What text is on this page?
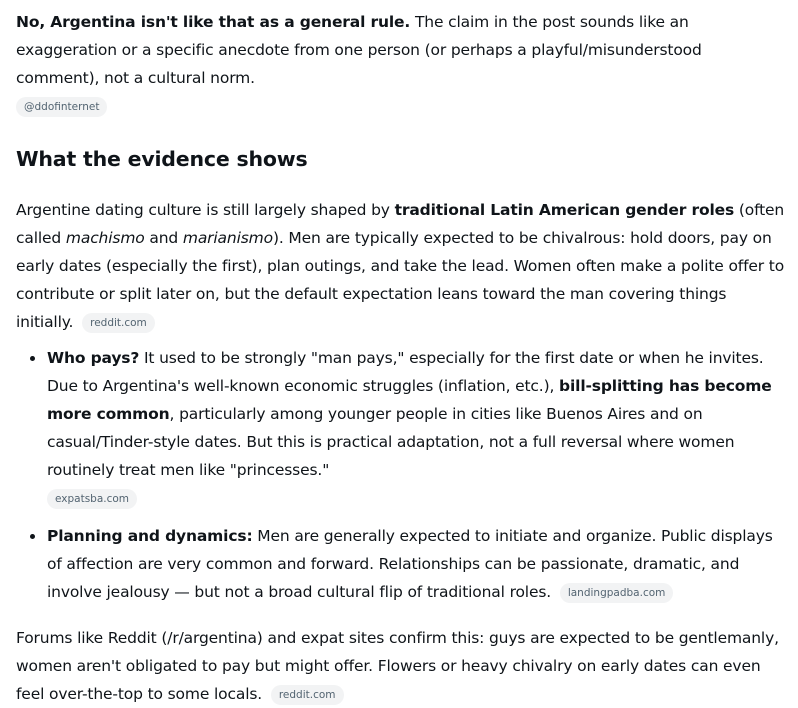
No, Argentina isn't like that as a general rule. The claim in the post sounds like an exaggeration or a specific anecdote from one person (or perhaps a playful/misunderstood comment), not a cultural norm.
@ddofinternet

What the evidence shows

Argentine dating culture is still largely shaped by traditional Latin American gender roles (often called machismo and marianismo). Men are typically expected to be chivalrous: hold doors, pay on early dates (especially the first), plan outings, and take the lead. Women often make a polite offer to contribute or split later on, but the default expectation leans toward the man covering things initially. reddit.com

Who pays? It used to be strongly "man pays," especially for the first date or when he invites. Due to Argentina's well-known economic struggles (inflation, etc.), bill-splitting has become more common, particularly among younger people in cities like Buenos Aires and on casual/Tinder-style dates. But this is practical adaptation, not a full reversal where women routinely treat men like "princesses."
expatsba.com
Planning and dynamics: Men are generally expected to initiate and organize. Public displays of affection are very common and forward. Relationships can be passionate, dramatic, and involve jealousy — but not a broad cultural flip of traditional roles. landingpadba.com

Forums like Reddit (/r/argentina) and expat sites confirm this: guys are expected to be gentlemanly, women aren't obligated to pay but might offer. Flowers or heavy chivalry on early dates can even feel over-the-top to some locals. reddit.com
